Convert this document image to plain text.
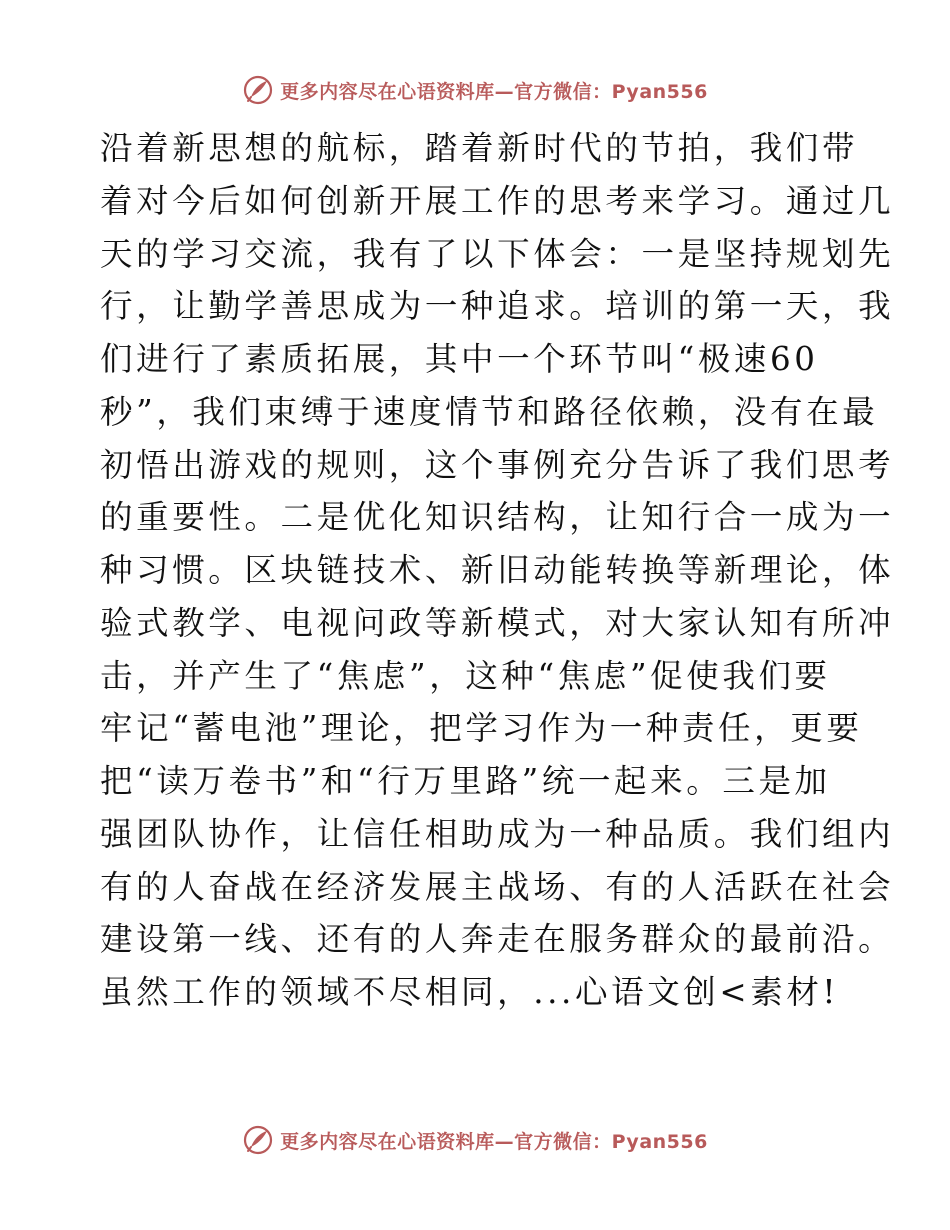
更多内容尽在心语资料库—官方微信：Pyan556
沿着新思想的航标，踏着新时代的节拍，我们带
着对今后如何创新开展工作的思考来学习。通过几
天的学习交流，我有了以下体会：一是坚持规划先
行，让勤学善思成为一种追求。培训的第一天，我
们进行了素质拓展，其中一个环节叫“极速60
秒”，我们束缚于速度情节和路径依赖，没有在最
初悟出游戏的规则，这个事例充分告诉了我们思考
的重要性。二是优化知识结构，让知行合一成为一
种习惯。区块链技术、新旧动能转换等新理论，体
验式教学、电视问政等新模式，对大家认知有所冲
击，并产生了“焦虑”，这种“焦虑”促使我们要
牢记“蓄电池”理论，把学习作为一种责任，更要
把“读万卷书”和“行万里路”统一起来。三是加
强团队协作，让信任相助成为一种品质。我们组内
有的人奋战在经济发展主战场、有的人活跃在社会
建设第一线、还有的人奔走在服务群众的最前沿。
虽然工作的领域不尽相同，...心语文创<素材!
更多内容尽在心语资料库—官方微信：Pyan556
